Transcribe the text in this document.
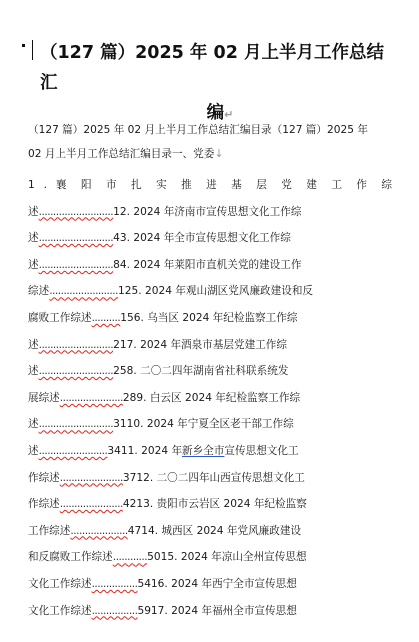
（127 篇）2025 年 02 月上半月工作总结汇
编↵
（127 篇）2025 年 02 月上半月工作总结汇编目录（127 篇）2025 年
02 月上半月工作总结汇编目录一、党委↓
1 . 襄 阳 市 扎 实 推 进 基 层 党 建 工 作 综
述..........................12. 2024 年济南市宣传思想文化工作综
述..........................43. 2024 年全市宣传思想文化工作综
述..........................84. 2024 年莱阳市直机关党的建设工作
综述........................125. 2024 年观山湖区党风廉政建设和反
腐败工作综述..........156. 乌当区 2024 年纪检监察工作综
述..........................217. 2024 年酒泉市基层党建工作综
述..........................258. 二〇二四年湖南省社科联系统发
展综述......................289. 白云区 2024 年纪检监察工作综
述..........................3110. 2024 年宁夏全区老干部工作综
述........................3411. 2024 年新乡全市宣传思想文化工
作综述......................3712. 二〇二四年山西宣传思想文化工
作综述......................4213. 贵阳市云岩区 2024 年纪检监察
工作综述....................4714. 城西区 2024 年党风廉政建设
和反腐败工作综述............5015. 2024 年凉山全州宣传思想
文化工作综述................5416. 2024 年西宁全市宣传思想
文化工作综述................5917. 2024 年福州全市宣传思想
